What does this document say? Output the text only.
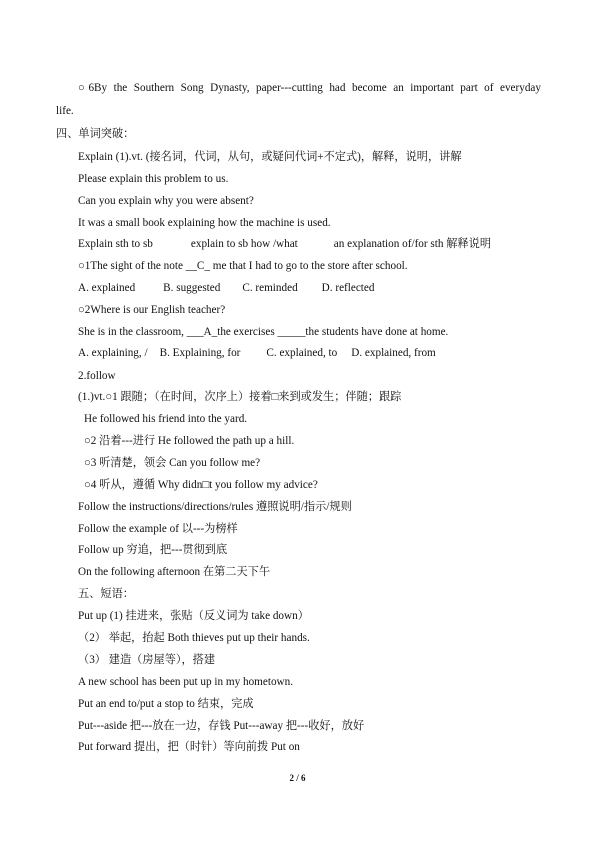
○6By the Southern Song Dynasty, paper---cutting had become an important part of everyday
life.
四、单词突破：
Explain (1).vt. (接名词，代词，从句，或疑问代词+不定式)，解释，说明，讲解
Please explain this problem to us.
Can you explain why you were absent?
It was a small book explaining how the machine is used.
Explain sth to sb	explain to sb how /what	an explanation of/for sth 解释说明
○1The sight of the note __C_ me that I had to go to the store after school.
A. explained	B. suggested C. reminded D. reflected
○2Where is our English teacher?
She is in the classroom, ___A_the exercises _____the students have done at home.
A. explaining, / B. Explaining, for C. explained, to D. explained, from
2.follow
(1.)vt.○1 跟随；（在时间，次序上）接着□来到或发生；伴随；跟踪
He followed his friend into the yard.
○2 沿着---进行 He followed the path up a hill.
○3 听清楚，领会 Can you follow me?
○4 听从，遵循 Why didn□t you follow my advice?
Follow the instructions/directions/rules 遵照说明/指示/规则
Follow the example of 以---为榜样
Follow up 穷追，把---贯彻到底
On the following afternoon 在第二天下午
五、短语：
Put up (1) 挂进来，张贴（反义词为 take down）
（2） 举起，抬起 Both thieves put up their hands.
（3） 建造（房屋等），搭建
A new school has been put up in my hometown.
Put an end to/put a stop to 结束，完成
Put---aside 把---放在一边，存钱 Put---away 把---收好，放好
Put forward 提出，把（时针）等向前拨 Put on
2 / 6
